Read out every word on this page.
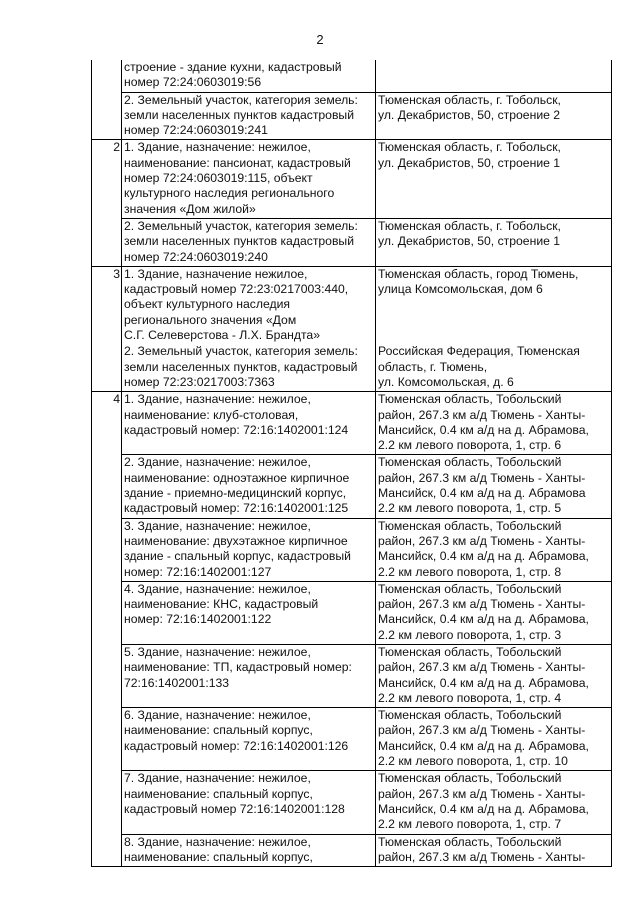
2
	строение - здание кухни, кадастровый
номер 72:24:0603019:56	
	2. Земельный участок, категория земель:
земли населенных пунктов кадастровый
номер 72:24:0603019:241	Тюменская область, г. Тобольск,
ул. Декабристов, 50, строение 2
2	1. Здание, назначение: нежилое,
наименование: пансионат, кадастровый
номер 72:24:0603019:115, объект
культурного наследия регионального
значения «Дом жилой»	Тюменская область, г. Тобольск,
ул. Декабристов, 50, строение 1
	2. Земельный участок, категория земель:
земли населенных пунктов кадастровый
номер 72:24:0603019:240	Тюменская область, г. Тобольск,
ул. Декабристов, 50, строение 1
3	1. Здание, назначение нежилое,
кадастровый номер 72:23:0217003:440,
объект культурного наследия
регионального значения «Дом
С.Г. Селеверстова - Л.Х. Брандта»	Тюменская область, город Тюмень,
улица Комсомольская, дом 6
	2. Земельный участок, категория земель:
земли населенных пунктов, кадастровый
номер 72:23:0217003:7363	Российская Федерация, Тюменская
область, г. Тюмень,
ул. Комсомольская, д. 6
4	1. Здание, назначение: нежилое,
наименование: клуб-столовая,
кадастровый номер: 72:16:1402001:124	Тюменская область, Тобольский
район, 267.3 км а/д Тюмень - Ханты-
Мансийск, 0.4 км а/д на д. Абрамова,
2.2 км левого поворота, 1, стр. 6
	2. Здание, назначение: нежилое,
наименование: одноэтажное кирпичное
здание - приемно-медицинский корпус,
кадастровый номер: 72:16:1402001:125	Тюменская область, Тобольский
район, 267.3 км а/д Тюмень - Ханты-
Мансийск, 0.4 км а/д на д. Абрамова
2.2 км левого поворота, 1, стр. 5
	3. Здание, назначение: нежилое,
наименование: двухэтажное кирпичное
здание - спальный корпус, кадастровый
номер: 72:16:1402001:127	Тюменская область, Тобольский
район, 267.3 км а/д Тюмень - Ханты-
Мансийск, 0.4 км а/д на д. Абрамова,
2.2 км левого поворота, 1, стр. 8
	4. Здание, назначение: нежилое,
наименование: КНС, кадастровый
номер: 72:16:1402001:122	Тюменская область, Тобольский
район, 267.3 км а/д Тюмень - Ханты-
Мансийск, 0.4 км а/д на д. Абрамова,
2.2 км левого поворота, 1, стр. 3
	5. Здание, назначение: нежилое,
наименование: ТП, кадастровый номер:
72:16:1402001:133	Тюменская область, Тобольский
район, 267.3 км а/д Тюмень - Ханты-
Мансийск, 0.4 км а/д на д. Абрамова,
2.2 км левого поворота, 1, стр. 4
	6. Здание, назначение: нежилое,
наименование: спальный корпус,
кадастровый номер: 72:16:1402001:126	Тюменская область, Тобольский
район, 267.3 км а/д Тюмень - Ханты-
Мансийск, 0.4 км а/д на д. Абрамова,
2.2 км левого поворота, 1, стр. 10
	7. Здание, назначение: нежилое,
наименование: спальный корпус,
кадастровый номер 72:16:1402001:128	Тюменская область, Тобольский
район, 267.3 км а/д Тюмень - Ханты-
Мансийск, 0.4 км а/д на д. Абрамова,
2.2 км левого поворота, 1, стр. 7
	8. Здание, назначение: нежилое,
наименование: спальный корпус,	Тюменская область, Тобольский
район, 267.3 км а/д Тюмень - Ханты-
